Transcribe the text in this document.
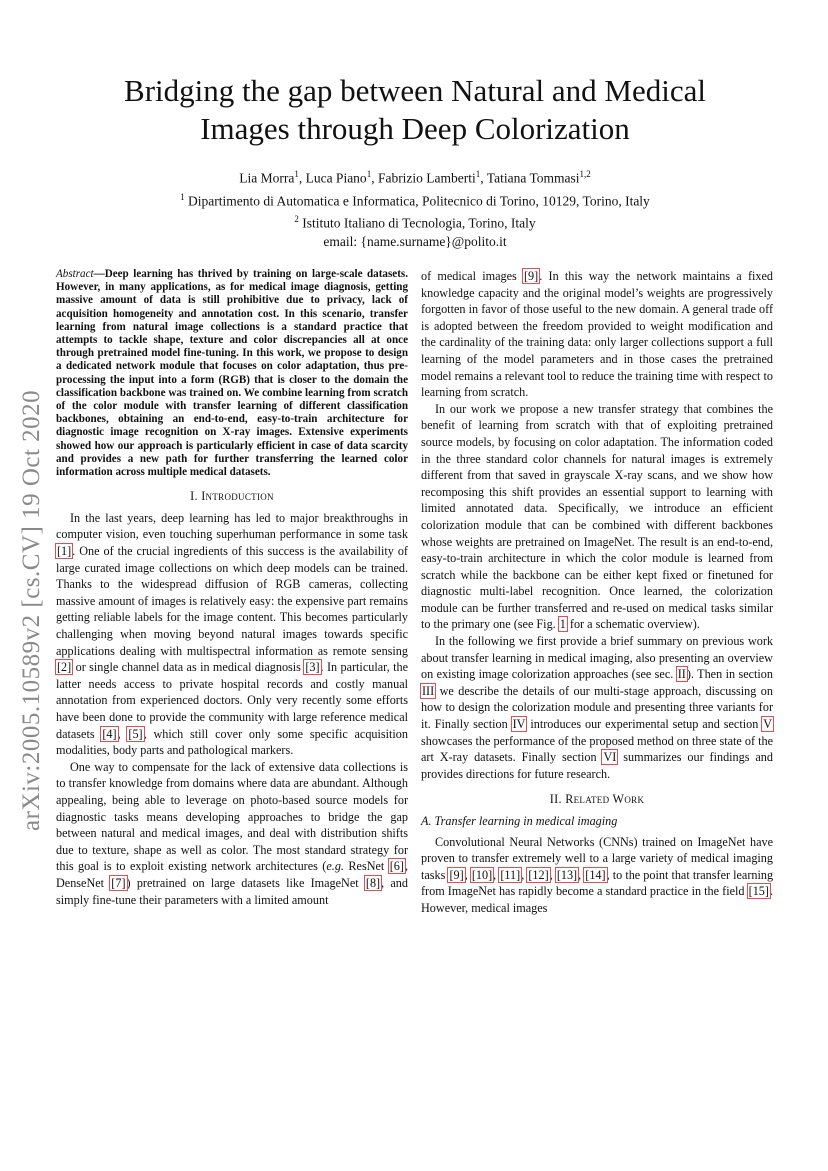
arXiv:2005.10589v2 [cs.CV] 19 Oct 2020
Bridging the gap between Natural and Medical
Images through Deep Colorization
Lia Morra$^1$, Luca Piano$^1$, Fabrizio Lamberti$^1$, Tatiana Tommasi$^{1,2}$
$^1$ Dipartimento di Automatica e Informatica, Politecnico di Torino, 10129, Torino, Italy
$^2$ Istituto Italiano di Tecnologia, Torino, Italy
email: {name.surname}@polito.it

Abstract—Deep learning has thrived by training on large-scale datasets. However, in many applications, as for medical image diagnosis, getting massive amount of data is still prohibitive due to privacy, lack of acquisition homogeneity and annotation cost. In this scenario, transfer learning from natural image collections is a standard practice that attempts to tackle shape, texture and color discrepancies all at once through pretrained model fine-tuning. In this work, we propose to design a dedicated network module that focuses on color adaptation, thus pre-processing the input into a form (RGB) that is closer to the domain the classification backbone was trained on. We combine learning from scratch of the color module with transfer learning of different classification backbones, obtaining an end-to-end, easy-to-train architecture for diagnostic image recognition on X-ray images. Extensive experiments showed how our approach is particularly efficient in case of data scarcity and provides a new path for further transferring the learned color information across multiple medical datasets.

I. Introduction

In the last years, deep learning has led to major breakthroughs in computer vision, even touching superhuman performance in some task [1]. One of the crucial ingredients of this success is the availability of large curated image collections on which deep models can be trained. Thanks to the widespread diffusion of RGB cameras, collecting massive amount of images is relatively easy: the expensive part remains getting reliable labels for the image content. This becomes particularly challenging when moving beyond natural images towards specific applications dealing with multispectral information as remote sensing [2] or single channel data as in medical diagnosis [3]. In particular, the latter needs access to private hospital records and costly manual annotation from experienced doctors. Only very recently some efforts have been done to provide the community with large reference medical datasets [4], [5], which still cover only some specific acquisition modalities, body parts and pathological markers.

One way to compensate for the lack of extensive data collections is to transfer knowledge from domains where data are abundant. Although appealing, being able to leverage on photo-based source models for diagnostic tasks means developing approaches to bridge the gap between natural and medical images, and deal with distribution shifts due to texture, shape as well as color. The most standard strategy for this goal is to exploit existing network architectures (e.g. ResNet [6], DenseNet [7]) pretrained on large datasets like ImageNet [8], and simply fine-tune their parameters with a limited amount

of medical images [9]. In this way the network maintains a fixed knowledge capacity and the original model’s weights are progressively forgotten in favor of those useful to the new domain. A general trade off is adopted between the freedom provided to weight modification and the cardinality of the training data: only larger collections support a full learning of the model parameters and in those cases the pretrained model remains a relevant tool to reduce the training time with respect to learning from scratch.

In our work we propose a new transfer strategy that combines the benefit of learning from scratch with that of exploiting pretrained source models, by focusing on color adaptation. The information coded in the three standard color channels for natural images is extremely different from that saved in grayscale X-ray scans, and we show how recomposing this shift provides an essential support to learning with limited annotated data. Specifically, we introduce an efficient colorization module that can be combined with different backbones whose weights are pretrained on ImageNet. The result is an end-to-end, easy-to-train architecture in which the color module is learned from scratch while the backbone can be either kept fixed or finetuned for diagnostic multi-label recognition. Once learned, the colorization module can be further transferred and re-used on medical tasks similar to the primary one (see Fig. 1 for a schematic overview).

In the following we first provide a brief summary on previous work about transfer learning in medical imaging, also presenting an overview on existing image colorization approaches (see sec. II). Then in section III we describe the details of our multi-stage approach, discussing on how to design the colorization module and presenting three variants for it. Finally section IV introduces our experimental setup and section V showcases the performance of the proposed method on three state of the art X-ray datasets. Finally section VI summarizes our findings and provides directions for future research.

II. Related Work
A. Transfer learning in medical imaging

Convolutional Neural Networks (CNNs) trained on ImageNet have proven to transfer extremely well to a large variety of medical imaging tasks [9], [10], [11], [12], [13], [14], to the point that transfer learning from ImageNet has rapidly become a standard practice in the field [15]. However, medical images
